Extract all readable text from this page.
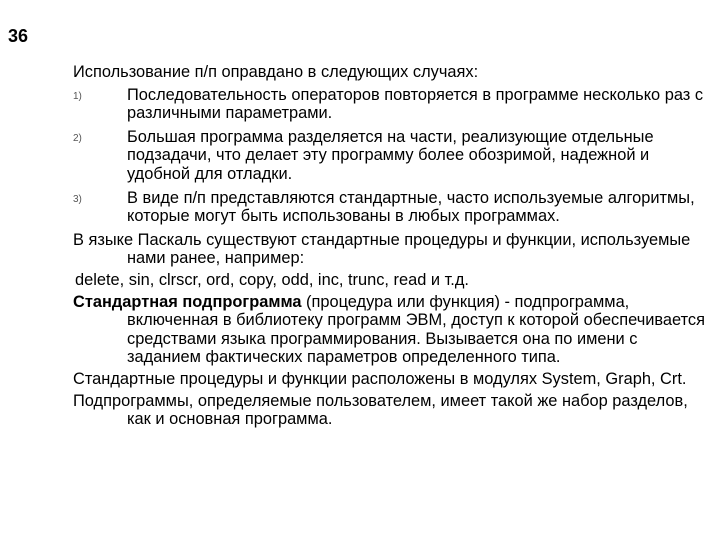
36

Использование п/п оправдано в следующих случаях:

1)	Последовательность операторов повторяется в программе несколько раз с различными параметрами.
2)	Большая программа разделяется на части, реализующие отдельные подзадачи, что делает эту программу более обозримой, надежной и удобной для отладки.
3)	В виде п/п представляются стандартные, часто используемые алгоритмы, которые могут быть использованы в любых программах.

В языке Паскаль существуют стандартные процедуры и функции, используемые нами ранее, например:

delete, sin, clrscr, ord, copy, odd, inc, trunc, read и т.д.

Стандартная подпрограмма (процедура или функция) - подпрограмма, включенная в библиотеку программ ЭВМ, доступ к которой обеспечивается средствами языка программирования. Вызывается она по имени с заданием фактических параметров определенного типа.

Стандартные процедуры и функции расположены в модулях System, Graph, Crt.

Подпрограммы, определяемые пользователем, имеет такой же набор разделов, как и основная программа.
